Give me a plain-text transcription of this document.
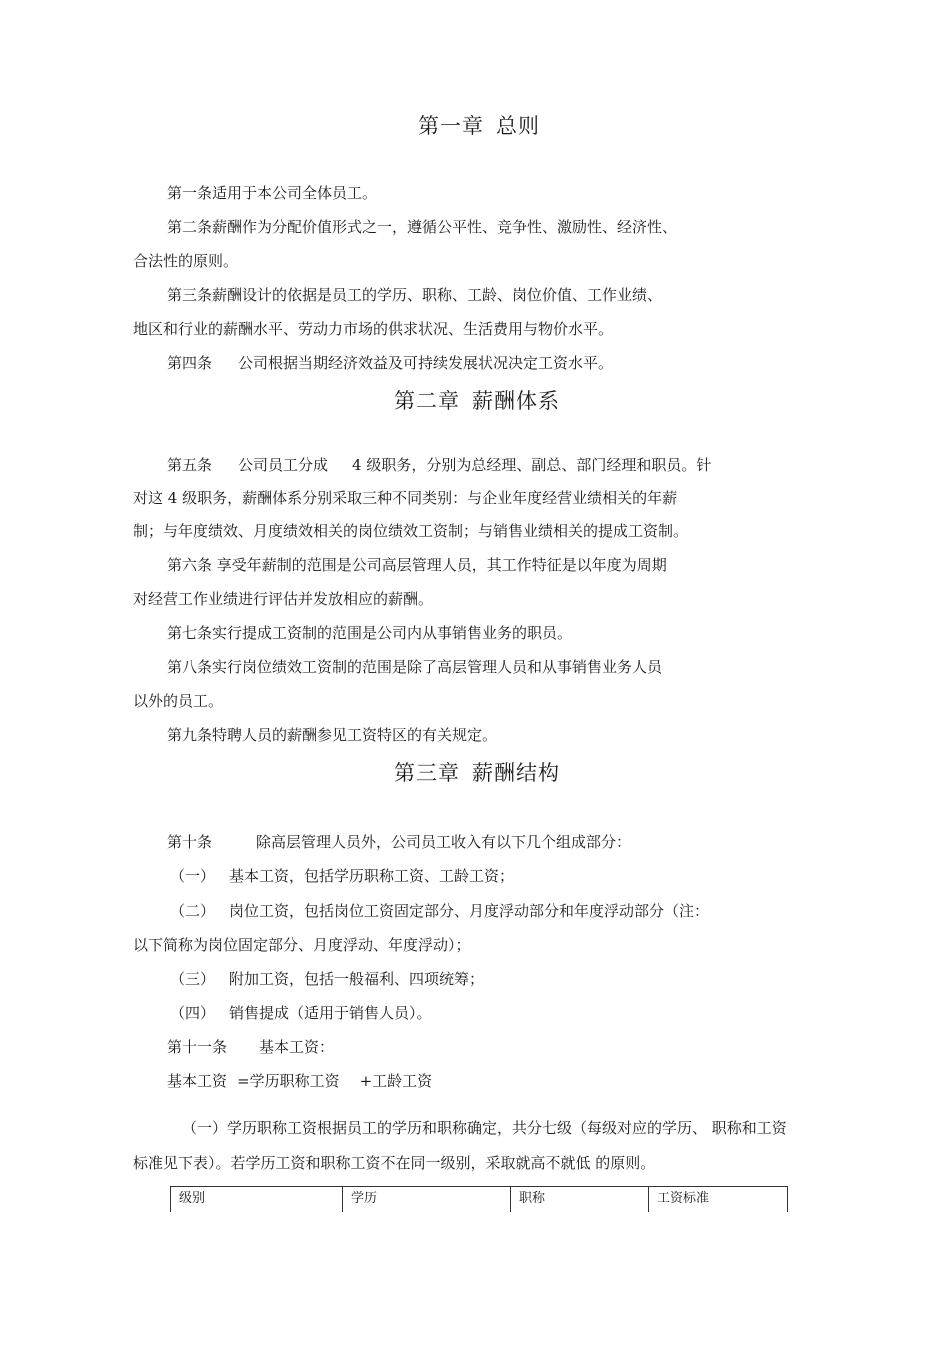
第一章 总则
第一条适用于本公司全体员工。
第二条薪酬作为分配价值形式之一，遵循公平性、竞争性、激励性、经济性、
合法性的原则。
第三条薪酬设计的依据是员工的学历、职称、工龄、岗位价值、工作业绩、
地区和行业的薪酬水平、劳动力市场的供求状况、生活费用与物价水平。
第四条 公司根据当期经济效益及可持续发展状况决定工资水平。
第二章 薪酬体系
第五条 公司员工分成 4 级职务，分别为总经理、副总、部门经理和职员。针
对这 4 级职务，薪酬体系分别采取三种不同类别：与企业年度经营业绩相关的年薪
制；与年度绩效、月度绩效相关的岗位绩效工资制；与销售业绩相关的提成工资制。
第六条 享受年薪制的范围是公司高层管理人员，其工作特征是以年度为周期
对经营工作业绩进行评估并发放相应的薪酬。
第七条实行提成工资制的范围是公司内从事销售业务的职员。
第八条实行岗位绩效工资制的范围是除了高层管理人员和从事销售业务人员
以外的员工。
第九条特聘人员的薪酬参见工资特区的有关规定。
第三章 薪酬结构
第十条	除高层管理人员外，公司员工收入有以下几个组成部分：
（一） 基本工资，包括学历职称工资、工龄工资；
（二） 岗位工资，包括岗位工资固定部分、月度浮动部分和年度浮动部分（注：
以下简称为岗位固定部分、月度浮动、年度浮动）；
（三） 附加工资，包括一般福利、四项统筹；
（四） 销售提成（适用于销售人员）。
第十一条 基本工资：
基本工资 =学历职称工资 +工龄工资
（一）学历职称工资根据员工的学历和职称确定，共分七级（每级对应的学历、 职称和工资
标准见下表）。若学历工资和职称工资不在同一级别，采取就高不就低 的原则。
级别	学历	职称	工资标准
